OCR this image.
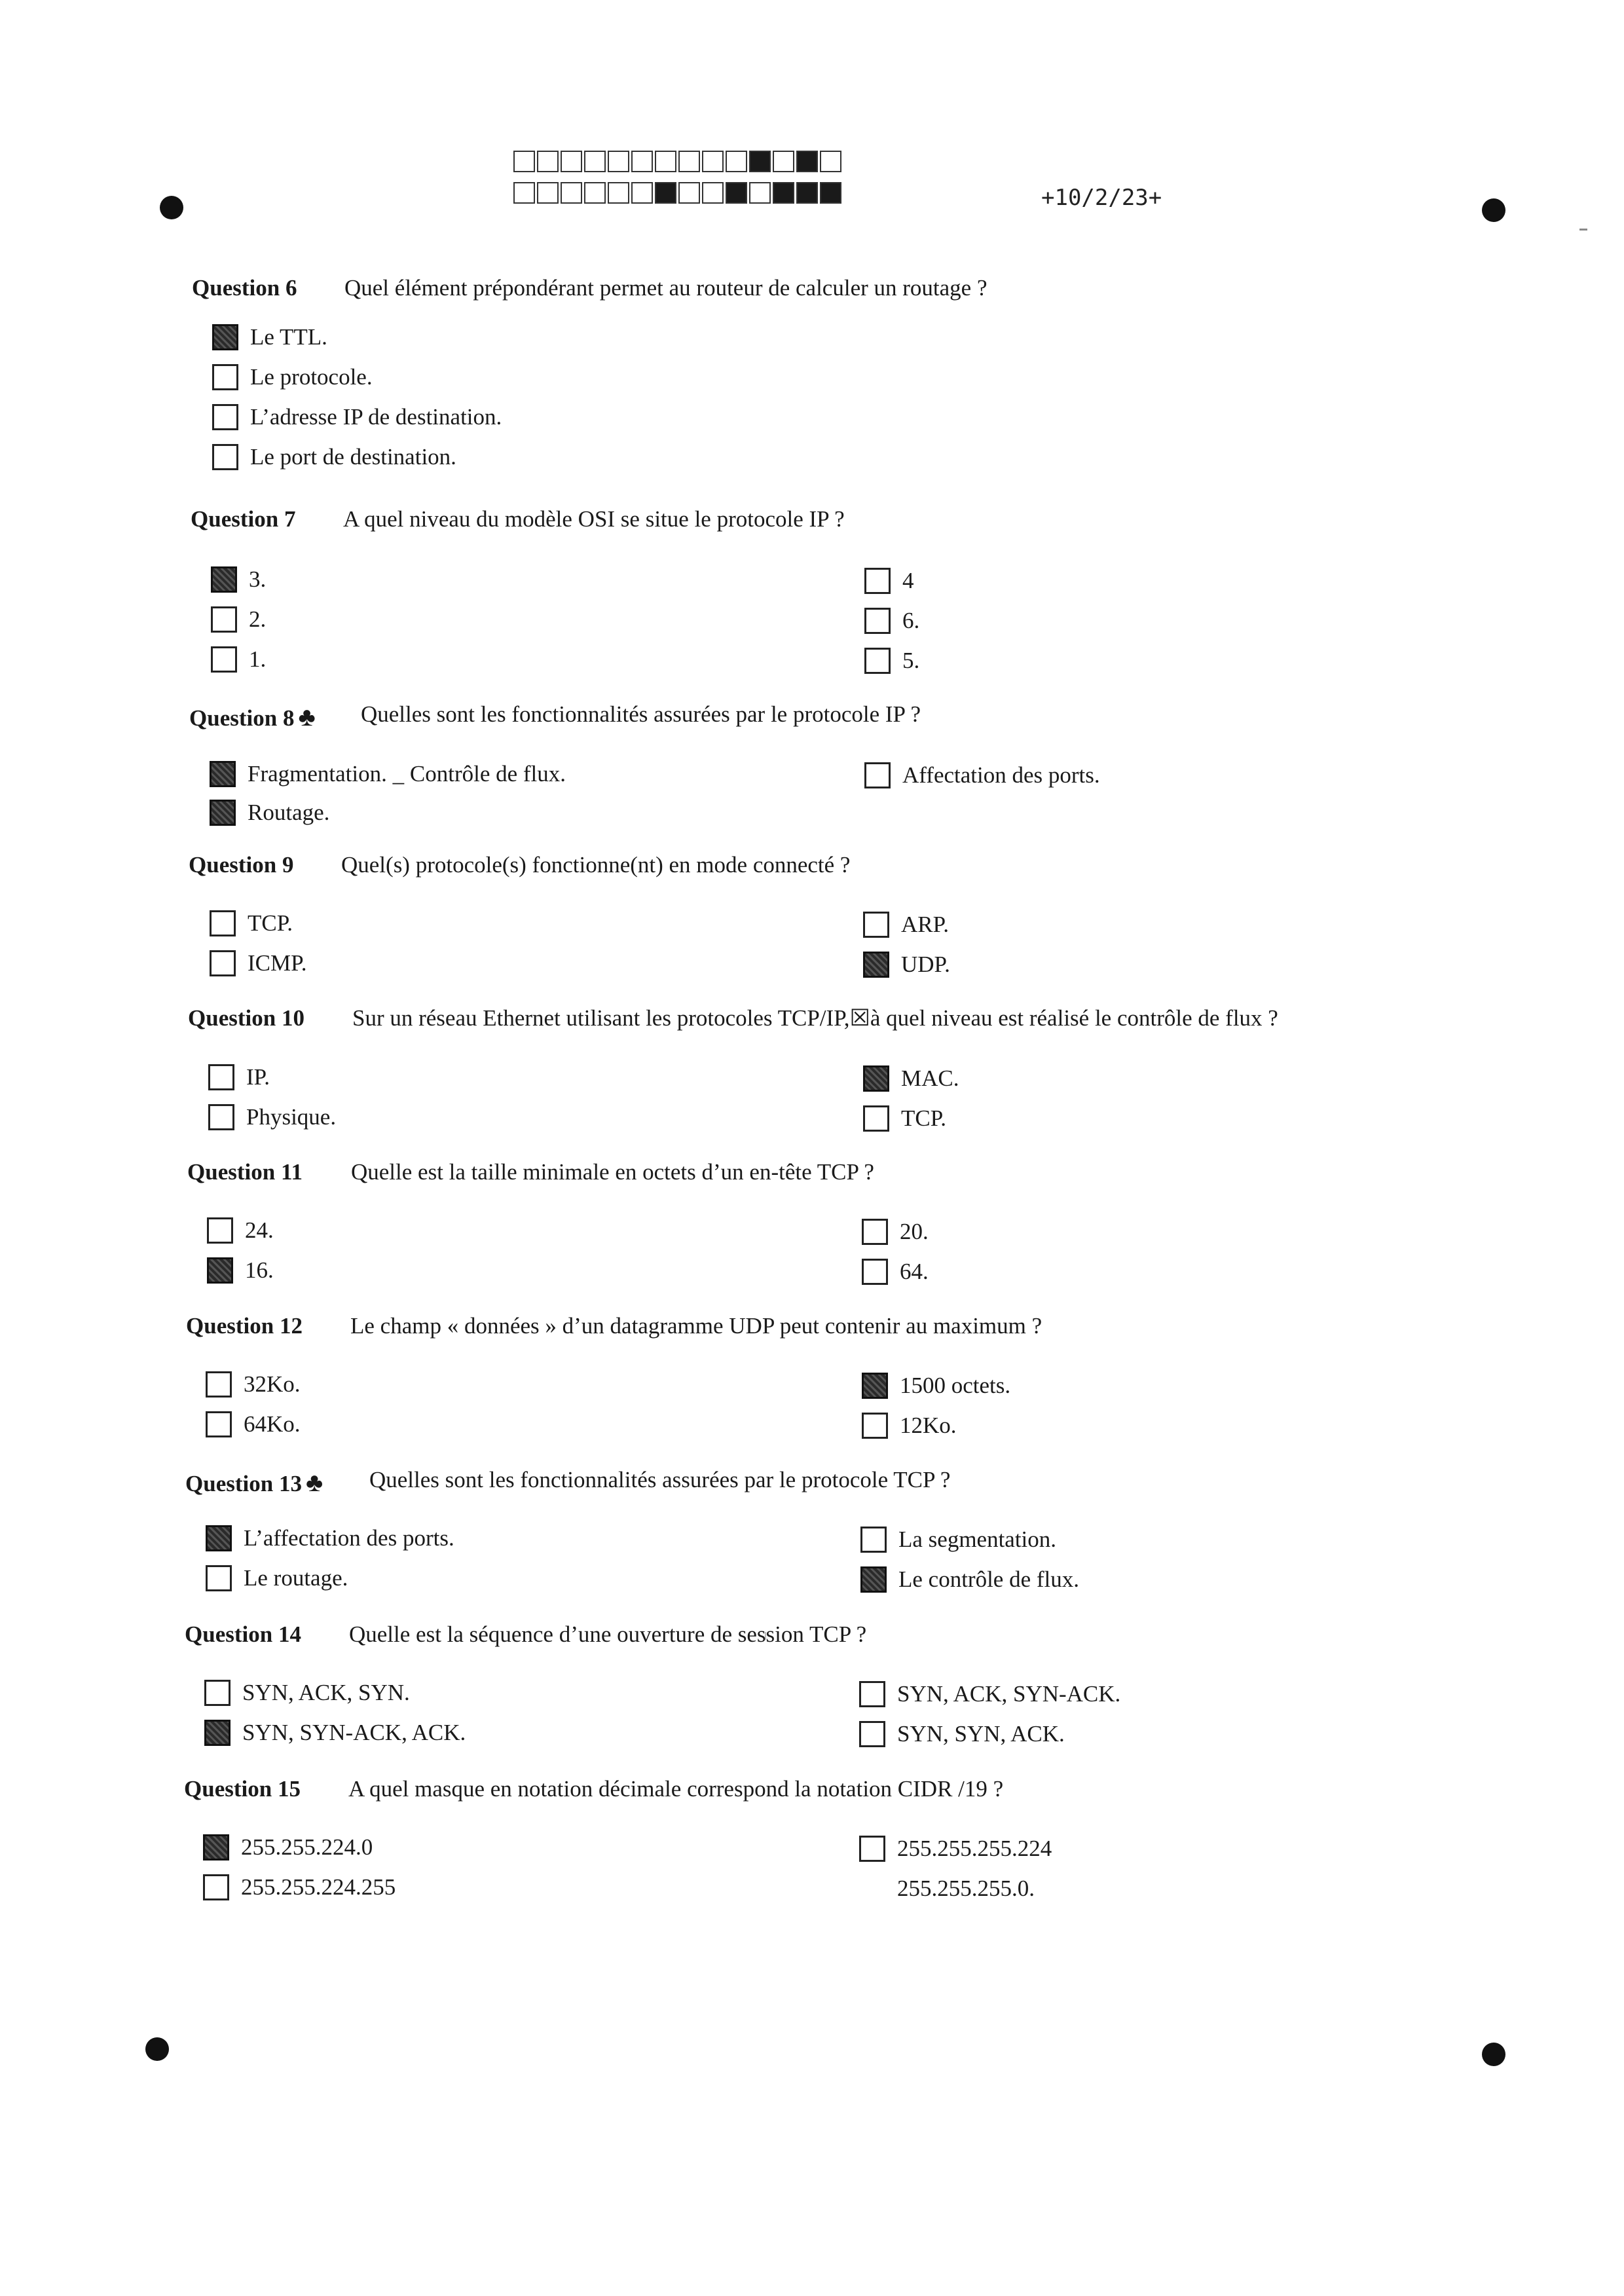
+10/2/23+
Question 6 Quel élément prépondérant permet au routeur de calculer un routage ?
Le TTL.
Le protocole.
L’adresse IP de destination.
Le port de destination.
Question 7 A quel niveau du modèle OSI se situe le protocole IP ?
3.
2.
1.
4
6.
5.
Question 8 ♣ Quelles sont les fonctionnalités assurées par le protocole IP ?
Fragmentation. _ Contrôle de flux.
Routage.
Affectation des ports.
Question 9 Quel(s) protocole(s) fonctionne(nt) en mode connecté ?
TCP.
ICMP.
ARP.
UDP.
Question 10 Sur un réseau Ethernet utilisant les protocoles TCP/IP,☒à quel niveau est réalisé le contrôle de flux ?
IP.
Physique.
MAC.
TCP.
Question 11 Quelle est la taille minimale en octets d’un en-tête TCP ?
24.
16.
20.
64.
Question 12 Le champ « données » d’un datagramme UDP peut contenir au maximum ?
32Ko.
64Ko.
1500 octets.
12Ko.
Question 13 ♣ Quelles sont les fonctionnalités assurées par le protocole TCP ?
L’affectation des ports.
Le routage.
La segmentation.
Le contrôle de flux.
Question 14 Quelle est la séquence d’une ouverture de session TCP ?
SYN, ACK, SYN.
SYN, SYN-ACK, ACK.
SYN, ACK, SYN-ACK.
SYN, SYN, ACK.
Question 15 A quel masque en notation décimale correspond la notation CIDR /19 ?
255.255.224.0
255.255.224.255
255.255.255.224
255.255.255.0.
